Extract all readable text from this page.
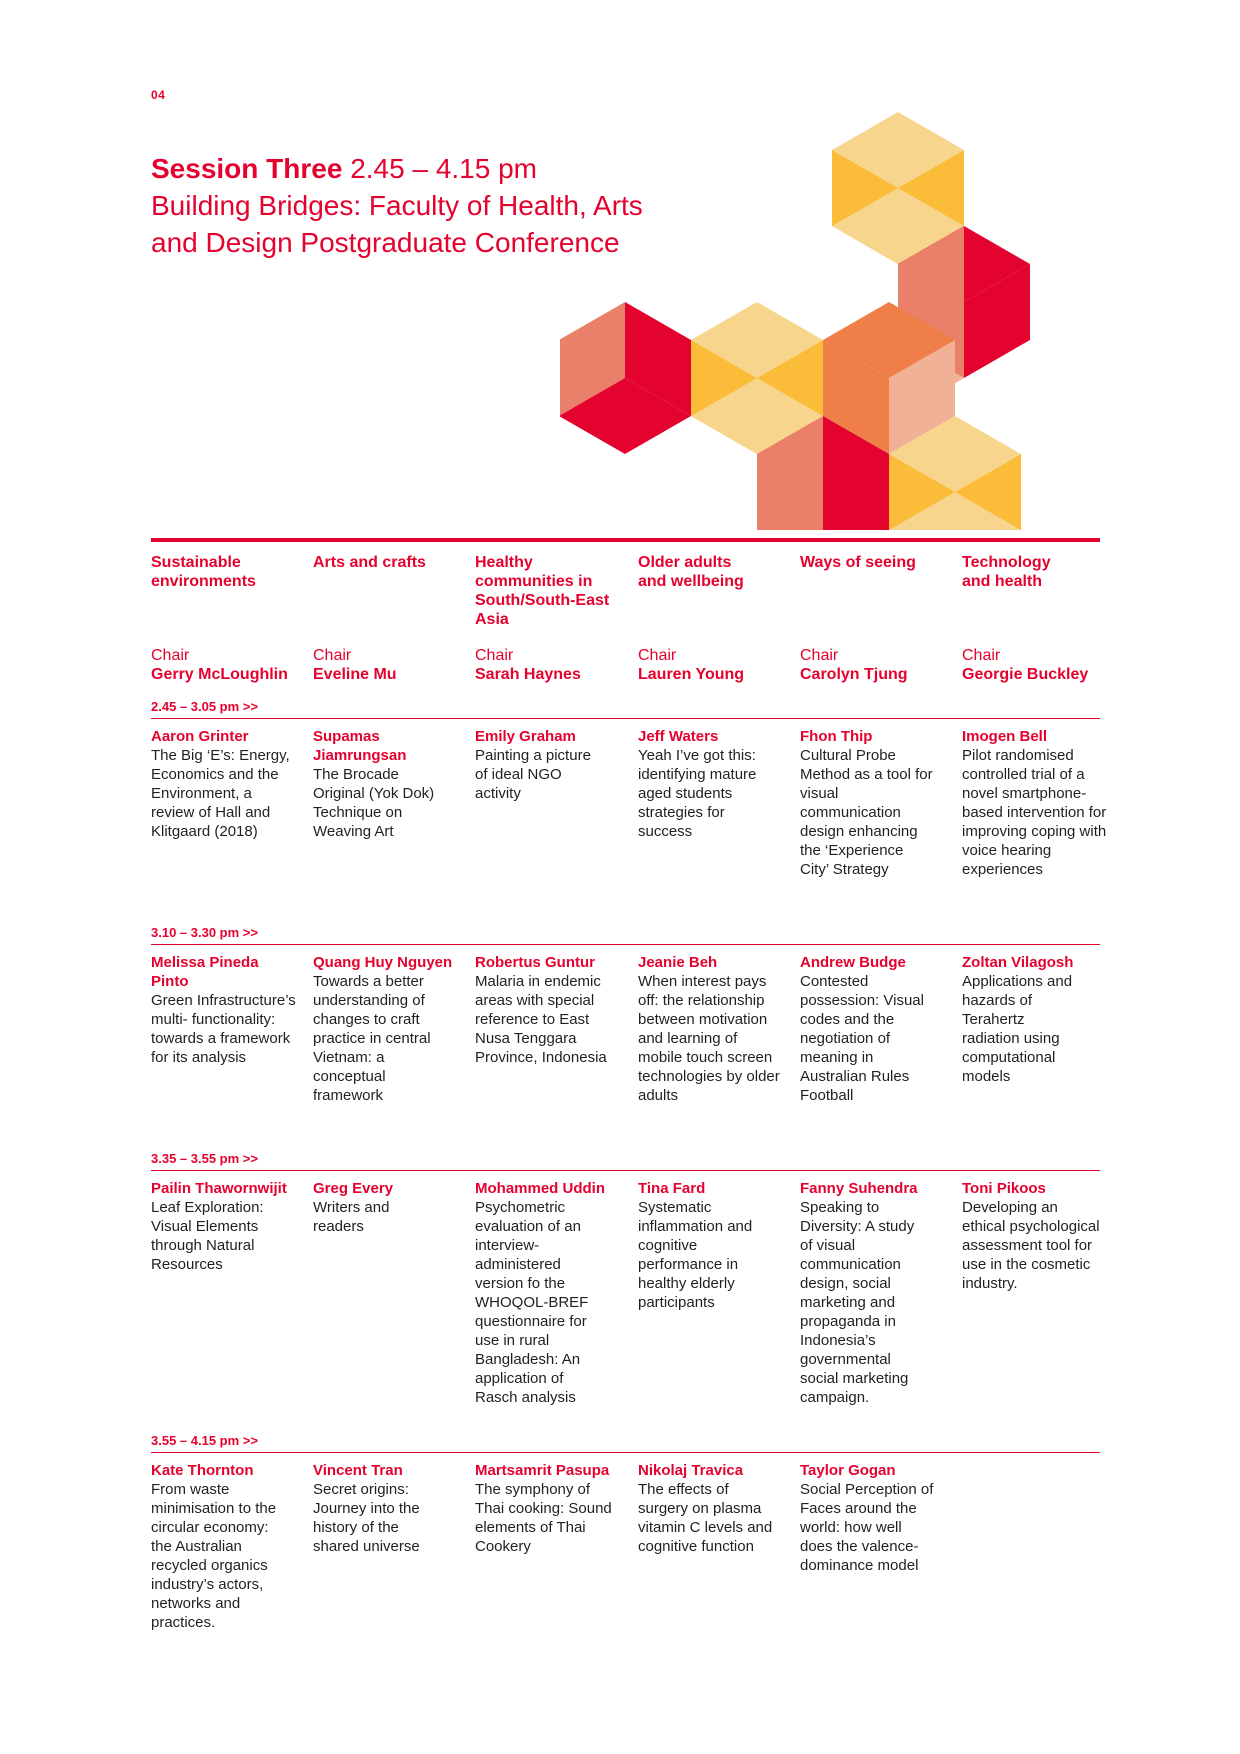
04
Session Three 2.45 – 4.15 pm
Building Bridges: Faculty of Health, Arts
and Design Postgraduate Conference
Sustainable environments
Arts and crafts	Healthy communities in South/South-East Asia
Older adults and wellbeing
Ways of seeing	Technology and health
Chair
Gerry McLoughlin
Chair
Eveline Mu
Chair
Sarah Haynes
Chair
Lauren Young
Chair
Carolyn Tjung
Chair
Georgie Buckley
2.45 – 3.05 pm >>
Aaron Grinter
The Big ‘E’s: Energy, Economics and the Environment, a review of Hall and Klitgaard (2018)
Supamas Jiamrungsan
The Brocade Original (Yok Dok) Technique on Weaving Art
Emily Graham
Painting a picture of ideal NGO activity
Jeff Waters
Yeah I’ve got this: identifying mature aged students strategies for success
Fhon Thip
Cultural Probe Method as a tool for visual communication design enhancing the ‘Experience City’ Strategy
Imogen Bell
Pilot randomised controlled trial of a novel smartphone-based intervention for improving coping with voice hearing experiences
3.10 – 3.30 pm >>
Melissa Pineda Pinto
Green Infrastructure’s multi- functionality: towards a framework for its analysis
Quang Huy Nguyen
Towards a better understanding of changes to craft practice in central Vietnam: a conceptual framework
Robertus Guntur
Malaria in endemic areas with special reference to East Nusa Tenggara Province, Indonesia
Jeanie Beh
When interest pays off: the relationship between motivation and learning of mobile touch screen technologies by older adults
Andrew Budge
Contested possession: Visual codes and the negotiation of meaning in Australian Rules Football
Zoltan Vilagosh
Applications and hazards of Terahertz radiation using computational models
3.35 – 3.55 pm >>
Pailin Thawornwijit
Leaf Exploration: Visual Elements through Natural Resources
Greg Every
Writers and readers
Mohammed Uddin
Psychometric evaluation of an interview-administered version fo the WHOQOL-BREF questionnaire for use in rural Bangladesh: An application of Rasch analysis
Tina Fard
Systematic inflammation and cognitive performance in healthy elderly participants
Fanny Suhendra
Speaking to Diversity: A study of visual communication design, social marketing and propaganda in Indonesia’s governmental social marketing campaign.
Toni Pikoos
Developing an ethical psychological assessment tool for use in the cosmetic industry.
3.55 – 4.15 pm >>
Kate Thornton
From waste minimisation to the circular economy: the Australian recycled organics industry’s actors, networks and practices.
Vincent Tran
Secret origins: Journey into the history of the shared universe
Martsamrit Pasupa
The symphony of Thai cooking: Sound elements of Thai Cookery
Nikolaj Travica
The effects of surgery on plasma vitamin C levels and cognitive function
Taylor Gogan
Social Perception of Faces around the world: how well does the valence-dominance model
